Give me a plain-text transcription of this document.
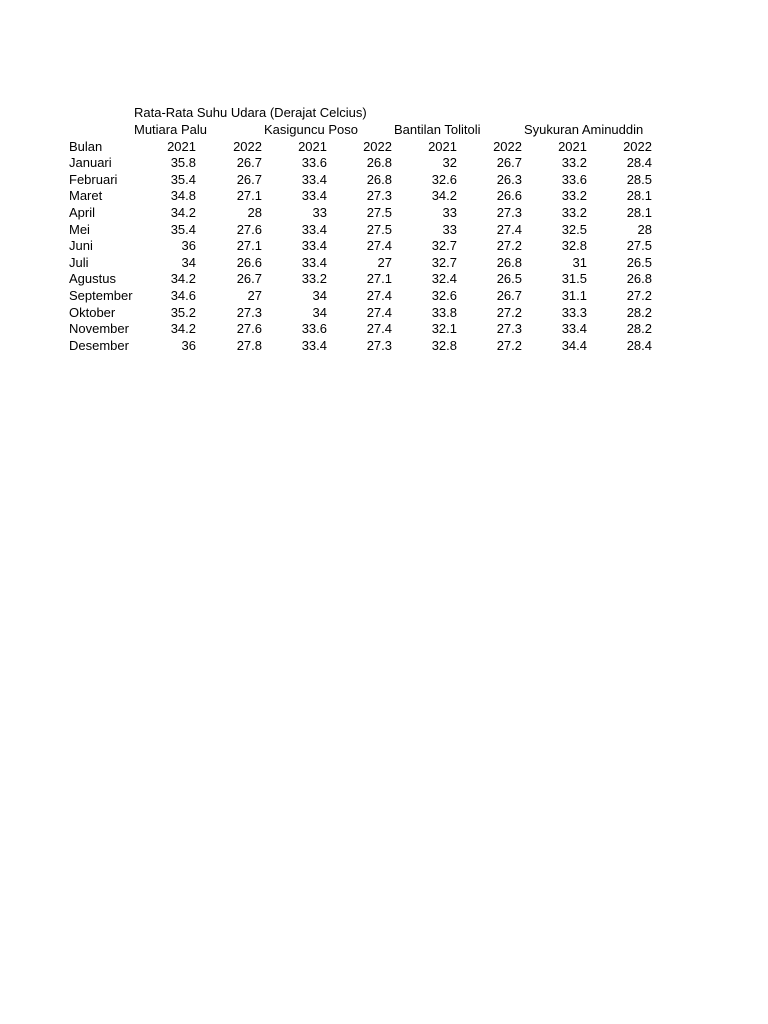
Rata-Rata Suhu Udara (Derajat Celcius)
Mutiara Palu	Kasiguncu Poso	Bantilan Tolitoli	Syukuran Aminuddin
Bulan	2021	2022	2021	2022	2021	2022	2021	2022
Januari	35.8	26.7	33.6	26.8	32	26.7	33.2	28.4
Februari	35.4	26.7	33.4	26.8	32.6	26.3	33.6	28.5
Maret	34.8	27.1	33.4	27.3	34.2	26.6	33.2	28.1
April	34.2	28	33	27.5	33	27.3	33.2	28.1
Mei	35.4	27.6	33.4	27.5	33	27.4	32.5	28
Juni	36	27.1	33.4	27.4	32.7	27.2	32.8	27.5
Juli	34	26.6	33.4	27	32.7	26.8	31	26.5
Agustus	34.2	26.7	33.2	27.1	32.4	26.5	31.5	26.8
September	34.6	27	34	27.4	32.6	26.7	31.1	27.2
Oktober	35.2	27.3	34	27.4	33.8	27.2	33.3	28.2
November	34.2	27.6	33.6	27.4	32.1	27.3	33.4	28.2
Desember	36	27.8	33.4	27.3	32.8	27.2	34.4	28.4
